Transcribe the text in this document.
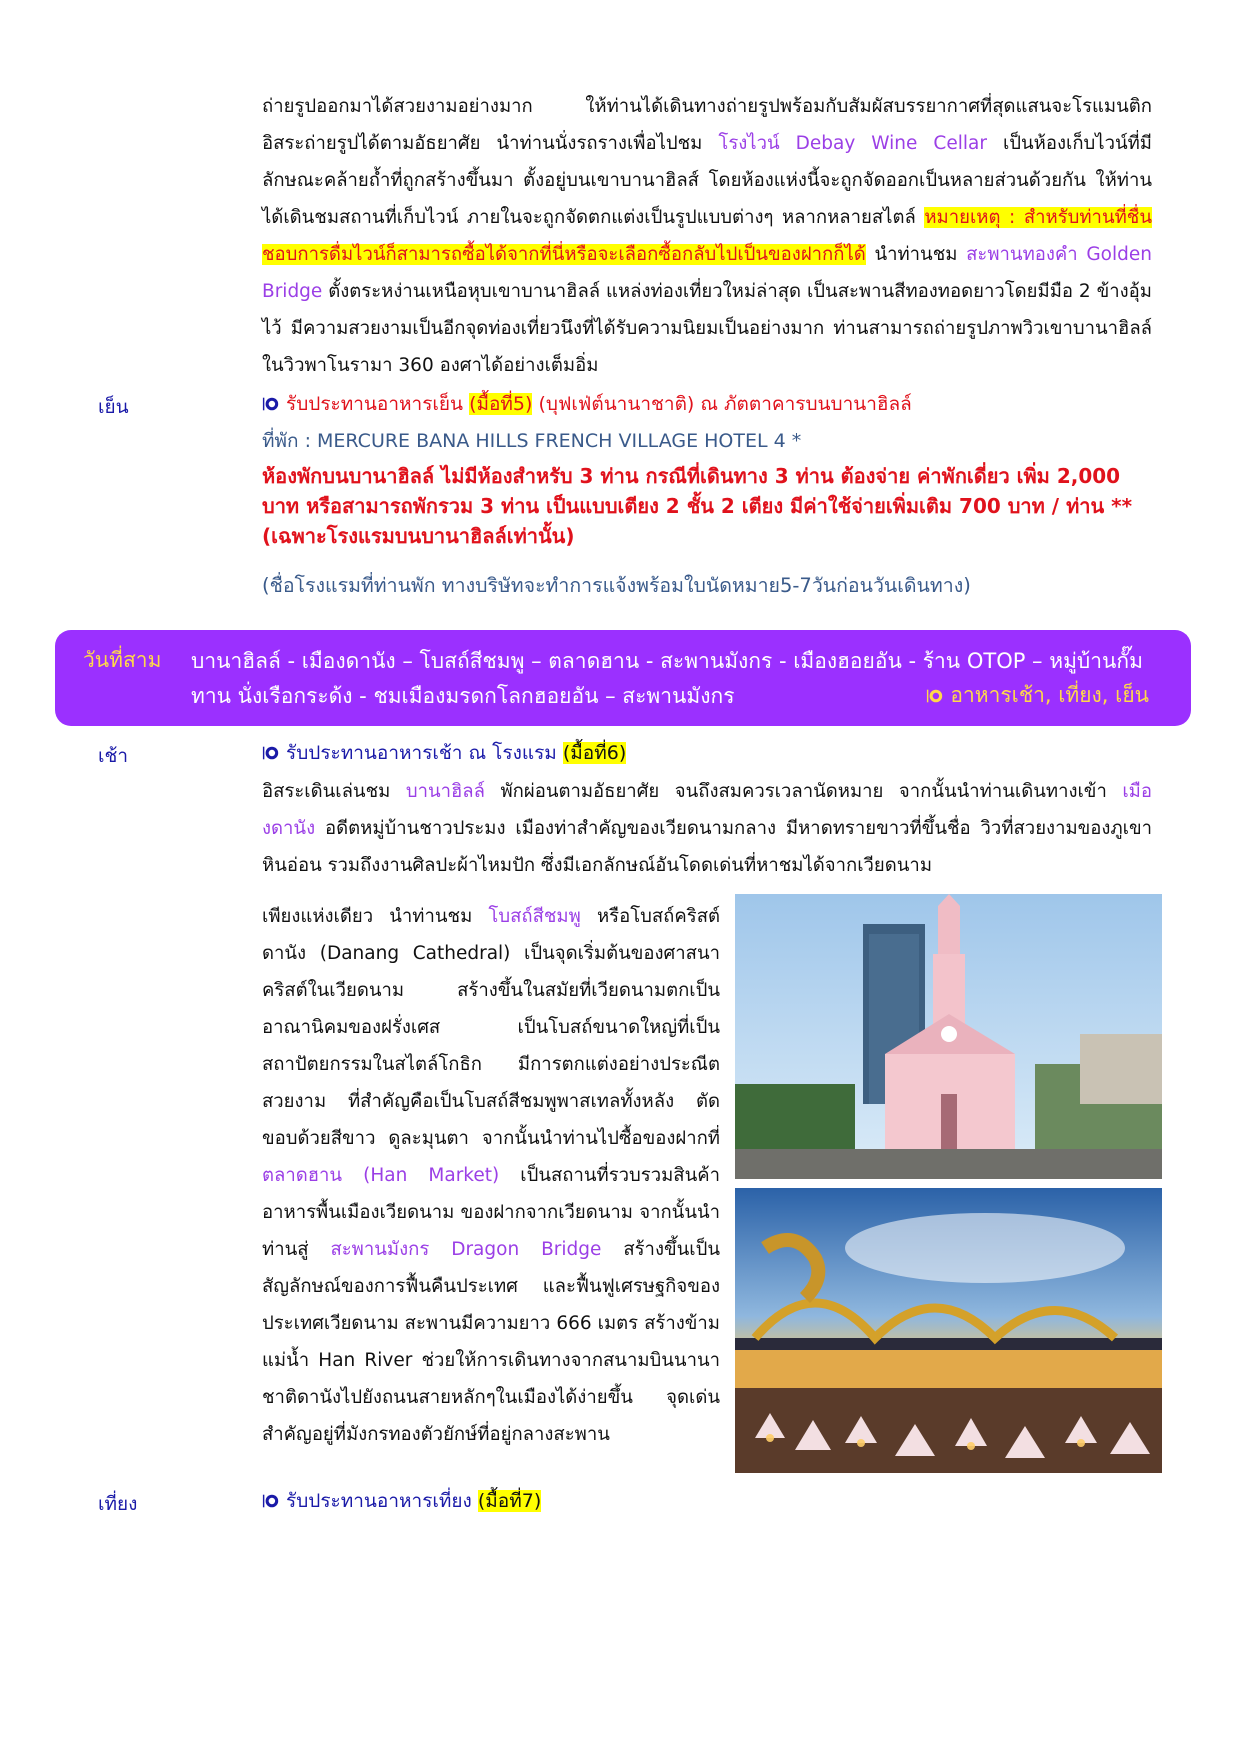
ถ่ายรูปออกมาได้สวยงามอย่างมาก ให้ท่านได้เดินทางถ่ายรูปพร้อมกับสัมผัสบรรยากาศที่สุดแสนจะโรแมนติก อิสระถ่ายรูปได้ตามอัธยาศัย นำท่านนั่งรถรางเพื่อไปชม โรงไวน์ Debay Wine Cellar เป็นห้องเก็บไวน์ที่มีลักษณะคล้ายถ้ำที่ถูกสร้างขึ้นมา ตั้งอยู่บนเขาบานาฮิลส์ โดยห้องแห่งนี้จะถูกจัดออกเป็นหลายส่วนด้วยกัน ให้ท่านได้เดินชมสถานที่เก็บไวน์ ภายในจะถูกจัดตกแต่งเป็นรูปแบบต่างๆ หลากหลายสไตล์ หมายเหตุ : สำหรับท่านที่ชื่นชอบการดื่มไวน์ก็สามารถซื้อได้จากที่นี่หรือจะเลือกซื้อกลับไปเป็นของฝากก็ได้ นำท่านชม สะพานทองคำ Golden Bridge ตั้งตระหง่านเหนือหุบเขาบานาฮิลล์ แหล่งท่องเที่ยวใหม่ล่าสุด เป็นสะพานสีทองทอดยาวโดยมีมือ 2 ข้างอุ้มไว้ มีความสวยงามเป็นอีกจุดท่องเที่ยวนึงที่ได้รับความนิยมเป็นอย่างมาก ท่านสามารถถ่ายรูปภาพวิวเขาบานาฮิลล์ในวิวพาโนรามา 360 องศาได้อย่างเต็มอิ่ม

เย็น	รับประทานอาหารเย็น (มื้อที่5) (บุฟเฟ่ต์นานาชาติ) ณ ภัตตาคารบนบานาฮิลล์
ที่พัก : MERCURE BANA HILLS FRENCH VILLAGE HOTEL 4 *
ห้องพักบนบานาฮิลล์ ไม่มีห้องสำหรับ 3 ท่าน กรณีที่เดินทาง 3 ท่าน ต้องจ่าย ค่าพักเดี่ยว เพิ่ม 2,000 บาท หรือสามารถพักรวม 3 ท่าน เป็นแบบเตียง 2 ชั้น 2 เตียง มีค่าใช้จ่ายเพิ่มเติม 700 บาท / ท่าน ** (เฉพาะโรงแรมบนบานาฮิลล์เท่านั้น)
(ชื่อโรงแรมที่ท่านพัก ทางบริษัทจะทำการแจ้งพร้อมใบนัดหมาย5-7วันก่อนวันเดินทาง)
วันที่สาม บานาฮิลล์ - เมืองดานัง – โบสถ์สีชมพู – ตลาดฮาน - สะพานมังกร - เมืองฮอยอัน - ร้าน OTOP – หมู่บ้านกั๊มทาน นั่งเรือกระด้ง - ชมเมืองมรดกโลกฮอยอัน – สะพานมังกร	อาหารเช้า, เที่ยง, เย็น
เช้า	รับประทานอาหารเช้า ณ โรงแรม (มื้อที่6)

อิสระเดินเล่นชม บานาฮิลล์ พักผ่อนตามอัธยาศัย จนถึงสมควรเวลานัดหมาย จากนั้นนำท่านเดินทางเข้า เมืองดานัง อดีตหมู่บ้านชาวประมง เมืองท่าสำคัญของเวียดนามกลาง มีหาดทรายขาวที่ขึ้นชื่อ วิวที่สวยงามของภูเขาหินอ่อน รวมถึงงานศิลปะผ้าไหมปัก ซึ่งมีเอกลักษณ์อันโดดเด่นที่หาชมได้จากเวียดนาม

เพียงแห่งเดียว นำท่านชม โบสถ์สีชมพู หรือโบสถ์คริสต์ดานัง (Danang Cathedral) เป็นจุดเริ่มต้นของศาสนาคริสต์ในเวียดนาม สร้างขึ้นในสมัยที่เวียดนามตกเป็นอาณานิคมของฝรั่งเศส เป็นโบสถ์ขนาดใหญ่ที่เป็นสถาปัตยกรรมในสไตล์โกธิก มีการตกแต่งอย่างประณีตสวยงาม ที่สำคัญคือเป็นโบสถ์สีชมพูพาสเทลทั้งหลัง ตัดขอบด้วยสีขาว ดูละมุนตา จากนั้นนำท่านไปซื้อของฝากที่ ตลาดฮาน (Han Market) เป็นสถานที่รวบรวมสินค้า อาหารพื้นเมืองเวียดนาม ของฝากจากเวียดนาม จากนั้นนำท่านสู่ สะพานมังกร Dragon Bridge สร้างขึ้นเป็นสัญลักษณ์ของการฟื้นคืนประเทศ และฟื้นฟูเศรษฐกิจของประเทศเวียดนาม สะพานมีความยาว 666 เมตร สร้างข้ามแม่น้ำ Han River ช่วยให้การเดินทางจากสนามบินนานาชาติดานังไปยังถนนสายหลักๆในเมืองได้ง่ายขึ้น จุดเด่นสำคัญอยู่ที่มังกรทองตัวยักษ์ที่อยู่กลางสะพาน

เที่ยง	รับประทานอาหารเที่ยง (มื้อที่7)
